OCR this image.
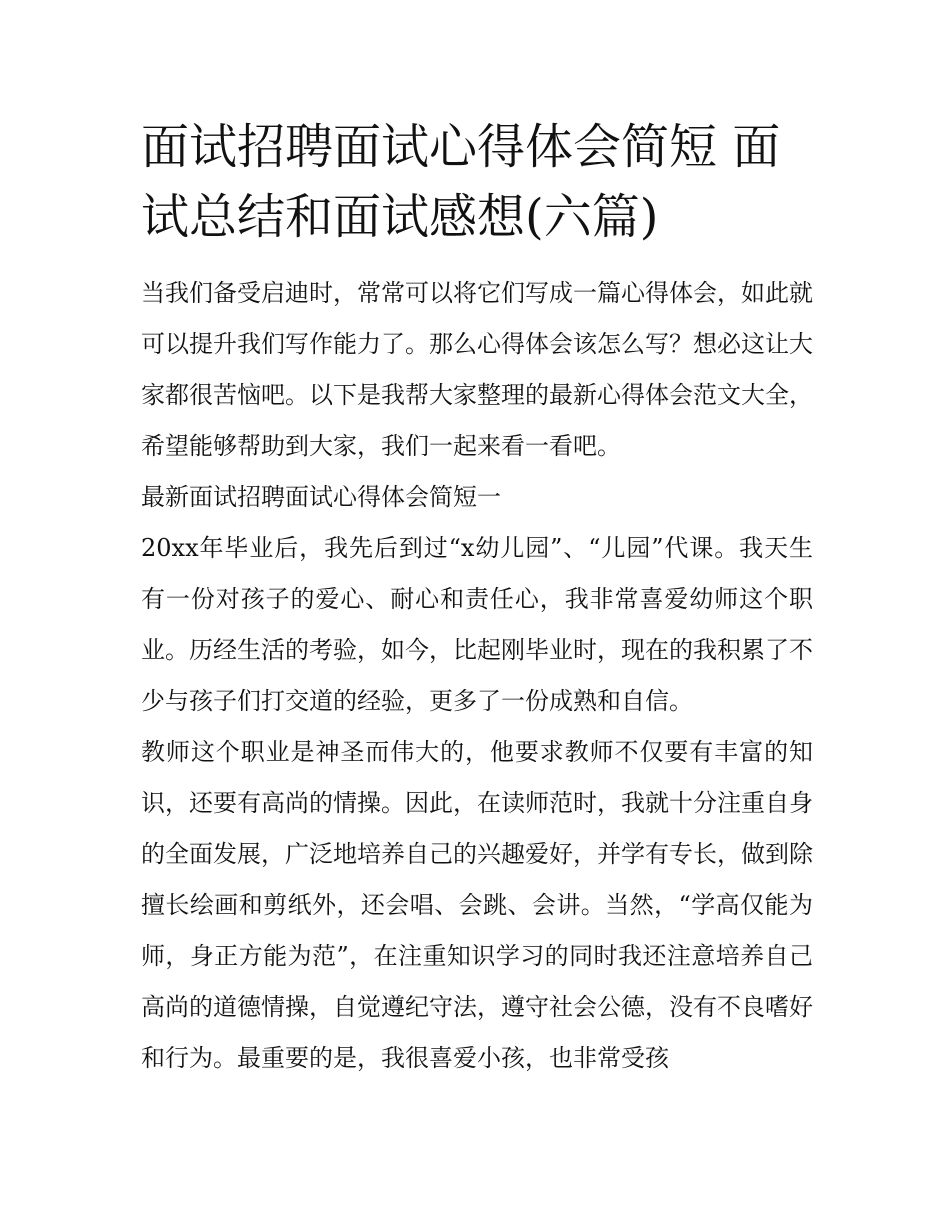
面试招聘面试心得体会简短 面试总结和面试感想(六篇)

当我们备受启迪时，常常可以将它们写成一篇心得体会，如此就可以提升我们写作能力了。那么心得体会该怎么写？想必这让大家都很苦恼吧。以下是我帮大家整理的最新心得体会范文大全，希望能够帮助到大家，我们一起来看一看吧。

最新面试招聘面试心得体会简短一

20xx年毕业后，我先后到过“x幼儿园”、“儿园”代课。我天生有一份对孩子的爱心、耐心和责任心，我非常喜爱幼师这个职业。历经生活的考验，如今，比起刚毕业时，现在的我积累了不少与孩子们打交道的经验，更多了一份成熟和自信。

教师这个职业是神圣而伟大的，他要求教师不仅要有丰富的知识，还要有高尚的情操。因此，在读师范时，我就十分注重自身的全面发展，广泛地培养自己的兴趣爱好，并学有专长，做到除擅长绘画和剪纸外，还会唱、会跳、会讲。当然，“学高仅能为师，身正方能为范”，在注重知识学习的同时我还注意培养自己高尚的道德情操，自觉遵纪守法，遵守社会公德，没有不良嗜好和行为。最重要的是，我很喜爱小孩，也非常受孩
